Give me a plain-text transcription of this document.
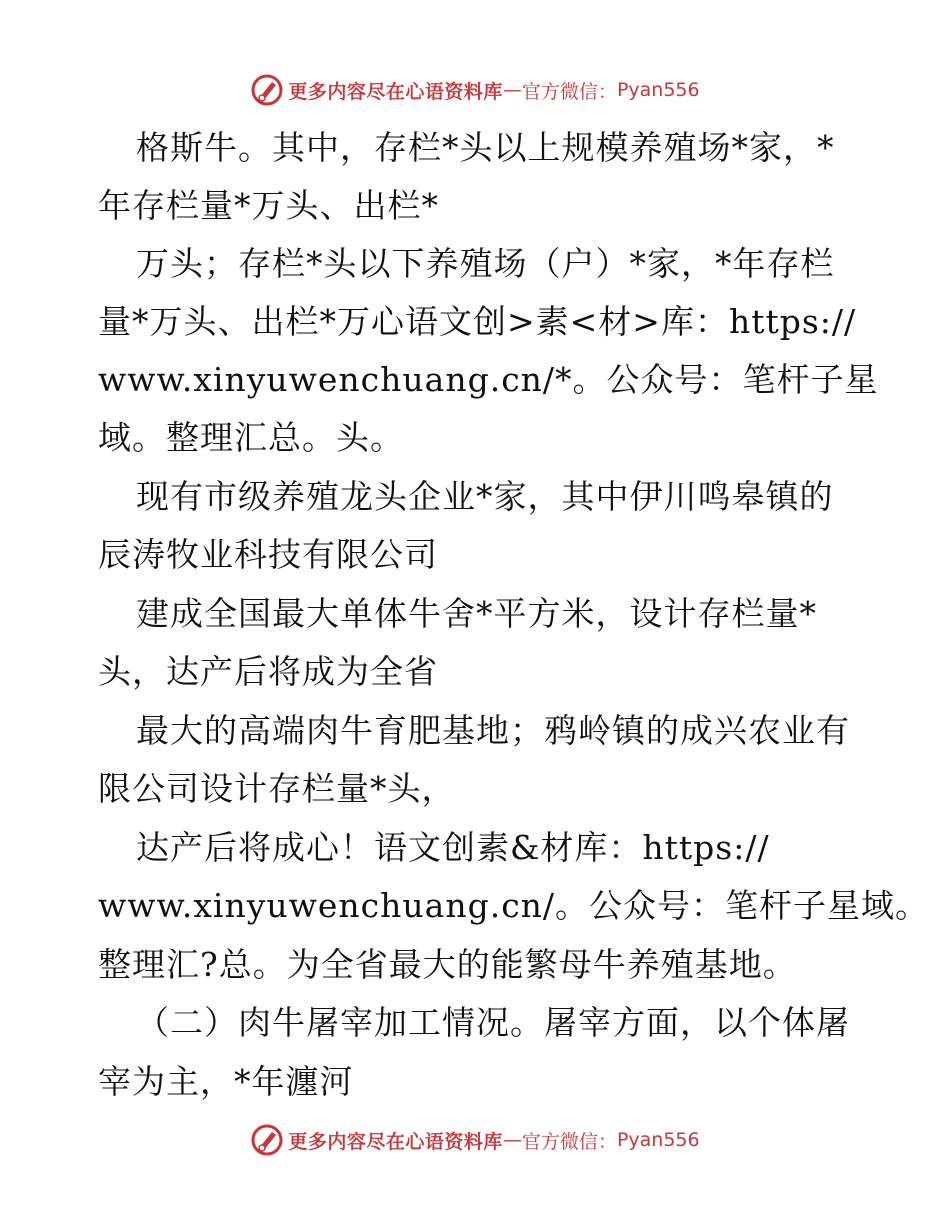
更多内容尽在心语资料库 — 官方微信： Pyan556
格斯牛。其中，存栏*头以上规模养殖场*家，*
年存栏量*万头、出栏*
万头；存栏*头以下养殖场（户）*家，*年存栏
量*万头、出栏*万心语文创>素<材>库：https://
www.xinyuwenchuang.cn/*。公众号：笔杆子星
域。整理汇总。头。
现有市级养殖龙头企业*家，其中伊川鸣皋镇的
辰涛牧业科技有限公司
建成全国最大单体牛舍*平方米，设计存栏量*
头，达产后将成为全省
最大的高端肉牛育肥基地；鸦岭镇的成兴农业有
限公司设计存栏量*头，
达产后将成心！语文创素&材库：https://
www.xinyuwenchuang.cn/。公众号：笔杆子星域。
整理汇?总。为全省最大的能繁母牛养殖基地。
（二）肉牛屠宰加工情况。屠宰方面，以个体屠
宰为主，*年瀍河
更多内容尽在心语资料库 — 官方微信： Pyan556
